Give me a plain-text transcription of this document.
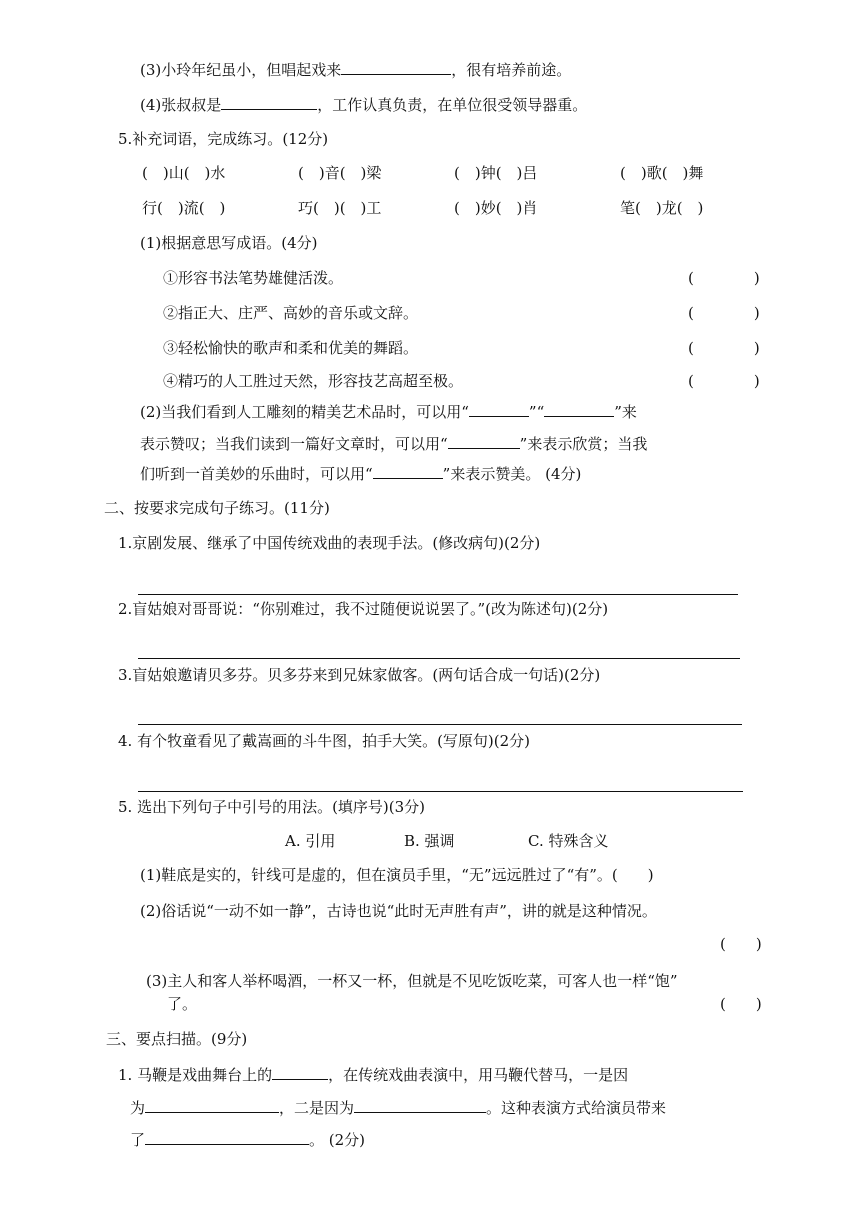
(3)小玲年纪虽小，但唱起戏来	，很有培养前途。
(4)张叔叔是	，工作认真负责，在单位很受领导器重。
5.补充词语，完成练习。(12分)
(　)山(　)水	(　)音(　)梁	(　)钟(　)吕	(　)歌(　)舞
行(　)流(　)	巧(　)(　)工	(　)妙(　)肖	笔(　)龙(　)
(1)根据意思写成语。(4分)
①形容书法笔势雄健活泼。	(　　　　)
②指正大、庄严、高妙的音乐或文辞。	(　　　　)
③轻松愉快的歌声和柔和优美的舞蹈。	(　　　　)
④精巧的人工胜过天然，形容技艺高超至极。	(　　　　)
(2)当我们看到人工雕刻的精美艺术品时，可以用“	”“	”来
表示赞叹；当我们读到一篇好文章时，可以用“	”来表示欣赏；当我
们听到一首美妙的乐曲时，可以用“	”来表示赞美。 (4分)
二、按要求完成句子练习。(11分)
1.京剧发展、继承了中国传统戏曲的表现手法。(修改病句)(2分)
2.盲姑娘对哥哥说：“你别难过，我不过随便说说罢了。”(改为陈述句)(2分)
3.盲姑娘邀请贝多芬。贝多芬来到兄妹家做客。(两句话合成一句话)(2分)
4. 有个牧童看见了戴嵩画的斗牛图，拍手大笑。(写原句)(2分)
5. 选出下列句子中引号的用法。(填序号)(3分)
A. 引用	B. 强调	C. 特殊含义
(1)鞋底是实的，针线可是虚的，但在演员手里，“无”远远胜过了“有”。(　　)
(2)俗话说“一动不如一静”，古诗也说“此时无声胜有声”，讲的就是这种情况。
(　　)
(3)主人和客人举杯喝酒，一杯又一杯，但就是不见吃饭吃菜，可客人也一样“饱”
了。	(　　)
三、要点扫描。(9分)
1. 马鞭是戏曲舞台上的	，在传统戏曲表演中，用马鞭代替马，一是因
为	，二是因为	。这种表演方式给演员带来
了	。 (2分)
